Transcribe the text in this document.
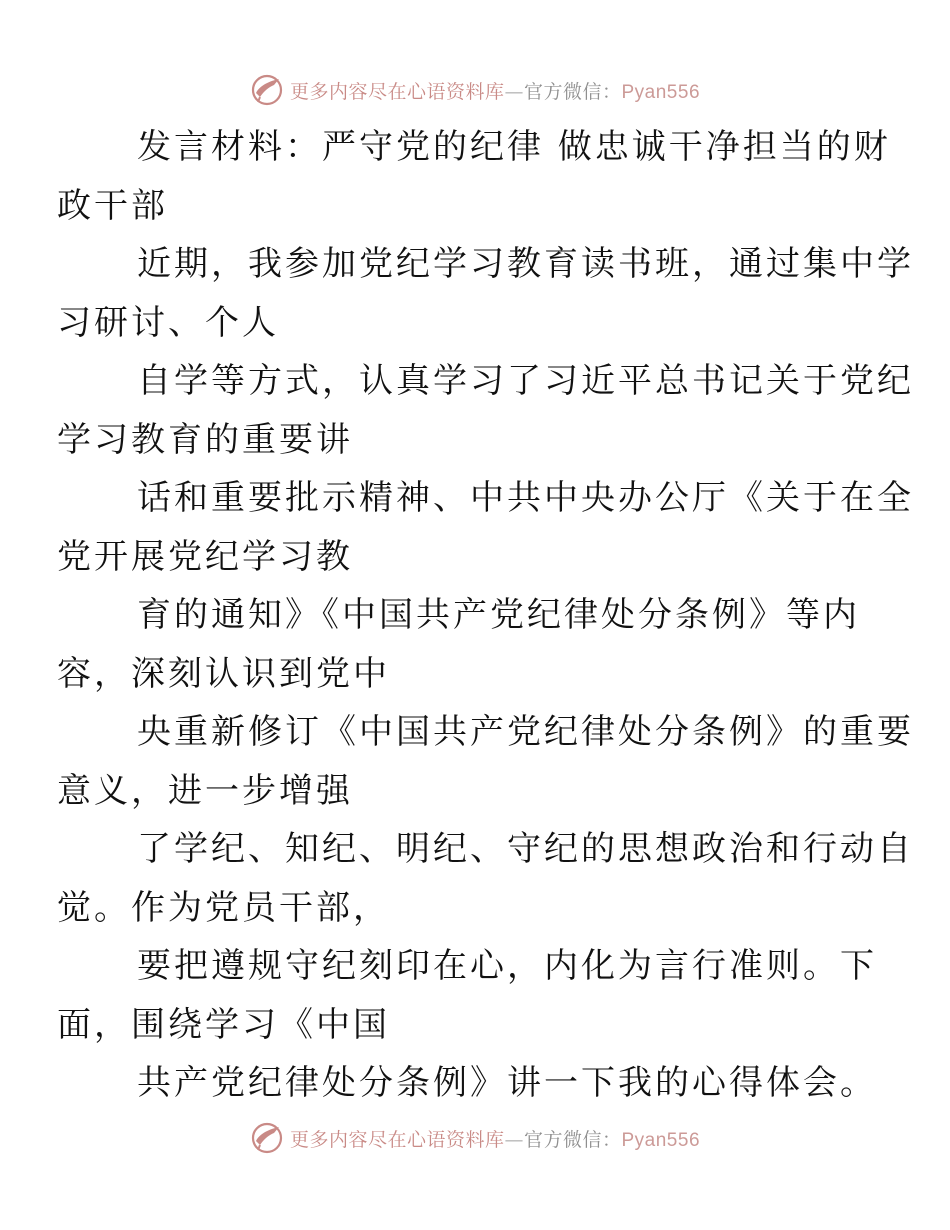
更多内容尽在心语资料库—官方微信：Pyan556

发言材料：严守党的纪律 做忠诚干净担当的财
政干部

近期，我参加党纪学习教育读书班，通过集中学
习研讨、个人

自学等方式，认真学习了习近平总书记关于党纪
学习教育的重要讲

话和重要批示精神、中共中央办公厅《关于在全
党开展党纪学习教

育的通知》《中国共产党纪律处分条例》等内
容，深刻认识到党中

央重新修订《中国共产党纪律处分条例》的重要
意义，进一步增强

了学纪、知纪、明纪、守纪的思想政治和行动自
觉。作为党员干部，

要把遵规守纪刻印在心，内化为言行准则。下
面，围绕学习《中国

共产党纪律处分条例》讲一下我的心得体会。

更多内容尽在心语资料库—官方微信：Pyan556
